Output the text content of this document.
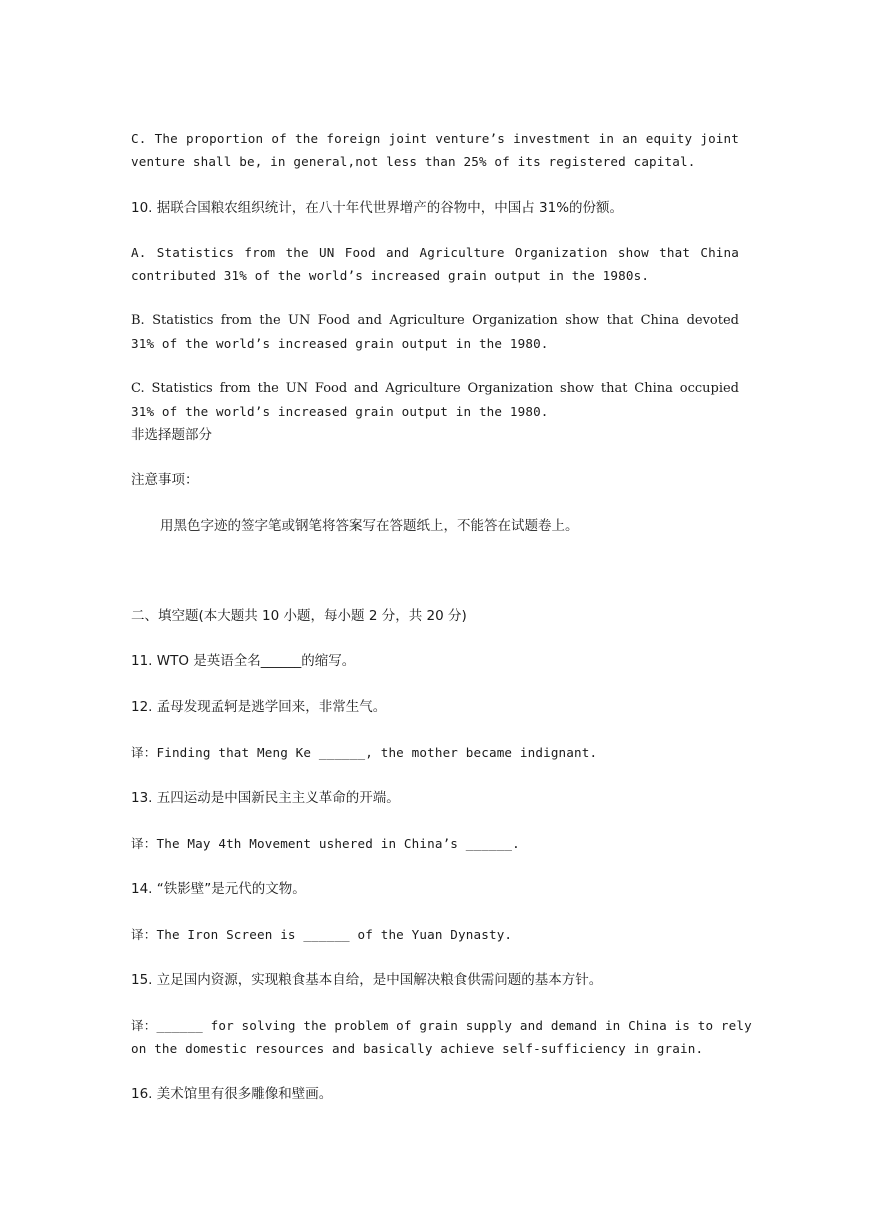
C. The proportion of the foreign joint venture’s investment in an equity joint
venture shall be, in general,not less than 25% of its registered capital.
10. 据联合国粮农组织统计，在八十年代世界增产的谷物中，中国占 31%的份额。
A. Statistics from the UN Food and Agriculture Organization show that China
contributed 31% of the world’s increased grain output in the 1980s.
B. Statistics from the UN Food and Agriculture Organization show that China devoted
31% of the world’s increased grain output in the 1980.
C. Statistics from the UN Food and Agriculture Organization show that China occupied
31% of the world’s increased grain output in the 1980.
非选择题部分
注意事项：
用黑色字迹的签字笔或钢笔将答案写在答题纸上，不能答在试题卷上。
二、填空题(本大题共 10 小题，每小题 2 分，共 20 分)
11. WTO 是英语全名______的缩写。
12. 孟母发现孟轲是逃学回来，非常生气。
译：Finding that Meng Ke ______, the mother became indignant.
13. 五四运动是中国新民主主义革命的开端。
译：The May 4th Movement ushered in China’s ______.
14. “铁影壁”是元代的文物。
译：The Iron Screen is ______ of the Yuan Dynasty.
15. 立足国内资源，实现粮食基本自给，是中国解决粮食供需问题的基本方针。
译：______ for solving the problem of grain supply and demand in China is to rely
on the domestic resources and basically achieve self-sufficiency in grain.
16. 美术馆里有很多雕像和壁画。
